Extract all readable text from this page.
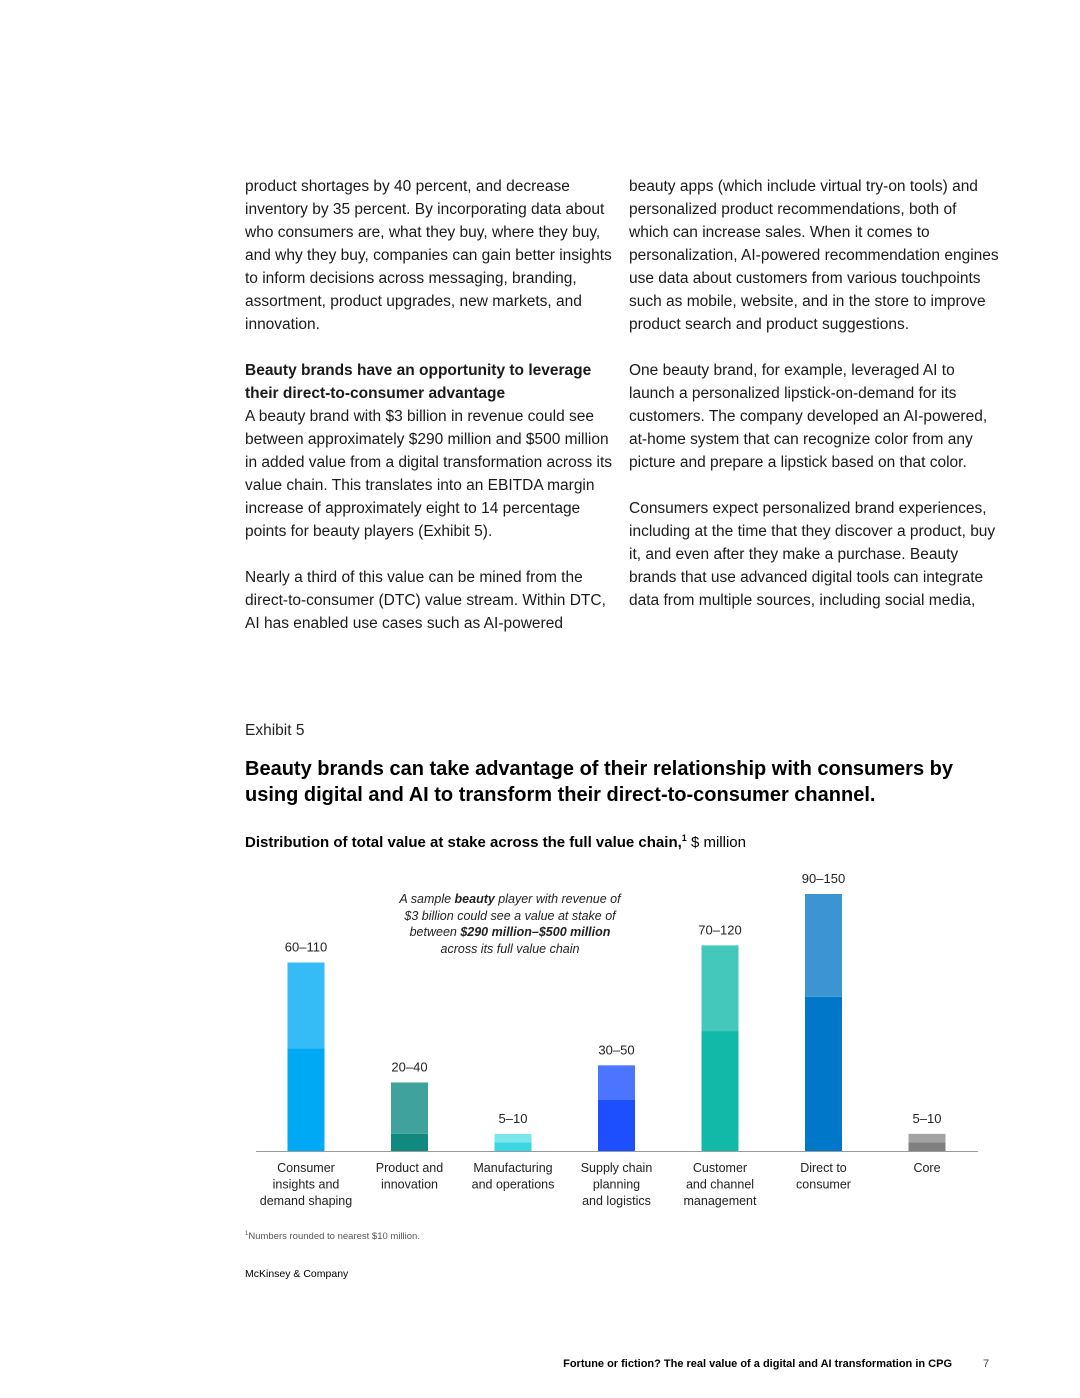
product shortages by 40 percent, and decrease inventory by 35 percent. By incorporating data about who consumers are, what they buy, where they buy, and why they buy, companies can gain better insights to inform decisions across messaging, branding, assortment, product upgrades, new markets, and innovation.

Beauty brands have an opportunity to leverage their direct-to-consumer advantage

A beauty brand with $3 billion in revenue could see between approximately $290 million and $500 million in added value from a digital transformation across its value chain. This translates into an EBITDA margin increase of approximately eight to 14 percentage points for beauty players (Exhibit 5).

Nearly a third of this value can be mined from the direct-to-consumer (DTC) value stream. Within DTC, AI has enabled use cases such as AI-powered

beauty apps (which include virtual try-on tools) and personalized product recommendations, both of which can increase sales. When it comes to personalization, AI-powered recommendation engines use data about customers from various touchpoints such as mobile, website, and in the store to improve product search and product suggestions.

One beauty brand, for example, leveraged AI to launch a personalized lipstick-on-demand for its customers. The company developed an AI-powered, at-home system that can recognize color from any picture and prepare a lipstick based on that color.

Consumers expect personalized brand experiences, including at the time that they discover a product, buy it, and even after they make a purchase. Beauty brands that use advanced digital tools can integrate data from multiple sources, including social media,

Exhibit 5
Beauty brands can take advantage of their relationship with consumers by using digital and AI to transform their direct-to-consumer channel.
Distribution of total value at stake across the full value chain,$^1$ $ million
60–110
Consumer
insights and
demand shaping
20–40
Product and
innovation
5–10
Manufacturing
and operations
30–50
Supply chain
planning
and logistics
70–120
Customer
and channel
management
90–150
Direct to
consumer
5–10
Core
A sample beauty player with revenue of $3 billion could see a value at stake of between $290 million–$500 million across its full value chain
$^1$Numbers rounded to nearest $10 million.
McKinsey & Company
Fortune or fiction? The real value of a digital and AI transformation in CPG	7
